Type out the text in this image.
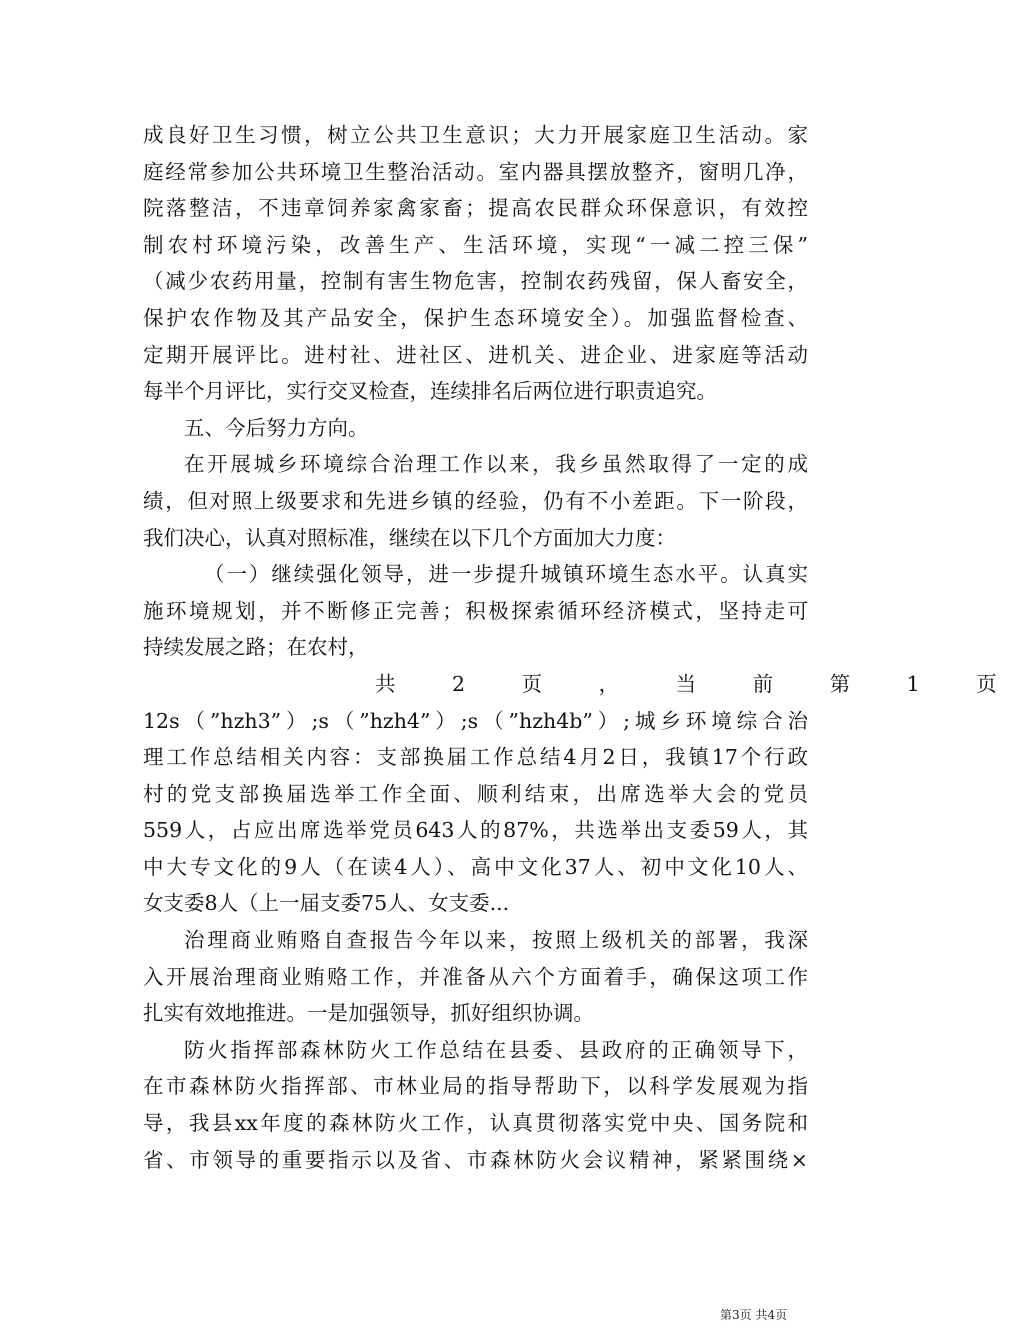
成良好卫生习惯，树立公共卫生意识；大力开展家庭卫生活动。家
庭经常参加公共环境卫生整治活动。室内器具摆放整齐，窗明几净，
院落整洁，不违章饲养家禽家畜；提高农民群众环保意识，有效控
制农村环境污染，改善生产、生活环境，实现“一减二控三保”
（减少农药用量，控制有害生物危害，控制农药残留，保人畜安全，
保护农作物及其产品安全，保护生态环境安全）。加强监督检查、
定期开展评比。进村社、进社区、进机关、进企业、进家庭等活动
每半个月评比，实行交叉检查，连续排名后两位进行职责追究。
五、今后努力方向。
在开展城乡环境综合治理工作以来，我乡虽然取得了一定的成
绩，但对照上级要求和先进乡镇的经验，仍有不小差距。下一阶段，
我们决心，认真对照标准，继续在以下几个方面加大力度：
（一）继续强化领导，进一步提升城镇环境生态水平。认真实
施环境规划，并不断修正完善；积极探索循环经济模式，坚持走可
持续发展之路；在农村，
共 2 页 ， 当 前 第 1 页
12s（”hzh3”）;s（”hzh4”）;s（”hzh4b”）;城乡环境综合治
理工作总结相关内容：支部换届工作总结4月2日，我镇17个行政
村的党支部换届选举工作全面、顺利结束，出席选举大会的党员
559人，占应出席选举党员643人的87%，共选举出支委59人，其
中大专文化的9人（在读4人）、高中文化37人、初中文化10人、
女支委8人（上一届支委75人、女支委...
治理商业贿赂自查报告今年以来，按照上级机关的部署，我深
入开展治理商业贿赂工作，并准备从六个方面着手，确保这项工作
扎实有效地推进。一是加强领导，抓好组织协调。
防火指挥部森林防火工作总结在县委、县政府的正确领导下，
在市森林防火指挥部、市林业局的指导帮助下，以科学发展观为指
导，我县xx年度的森林防火工作，认真贯彻落实党中央、国务院和
省、市领导的重要指示以及省、市森林防火会议精神，紧紧围绕×
第3页 共4页
